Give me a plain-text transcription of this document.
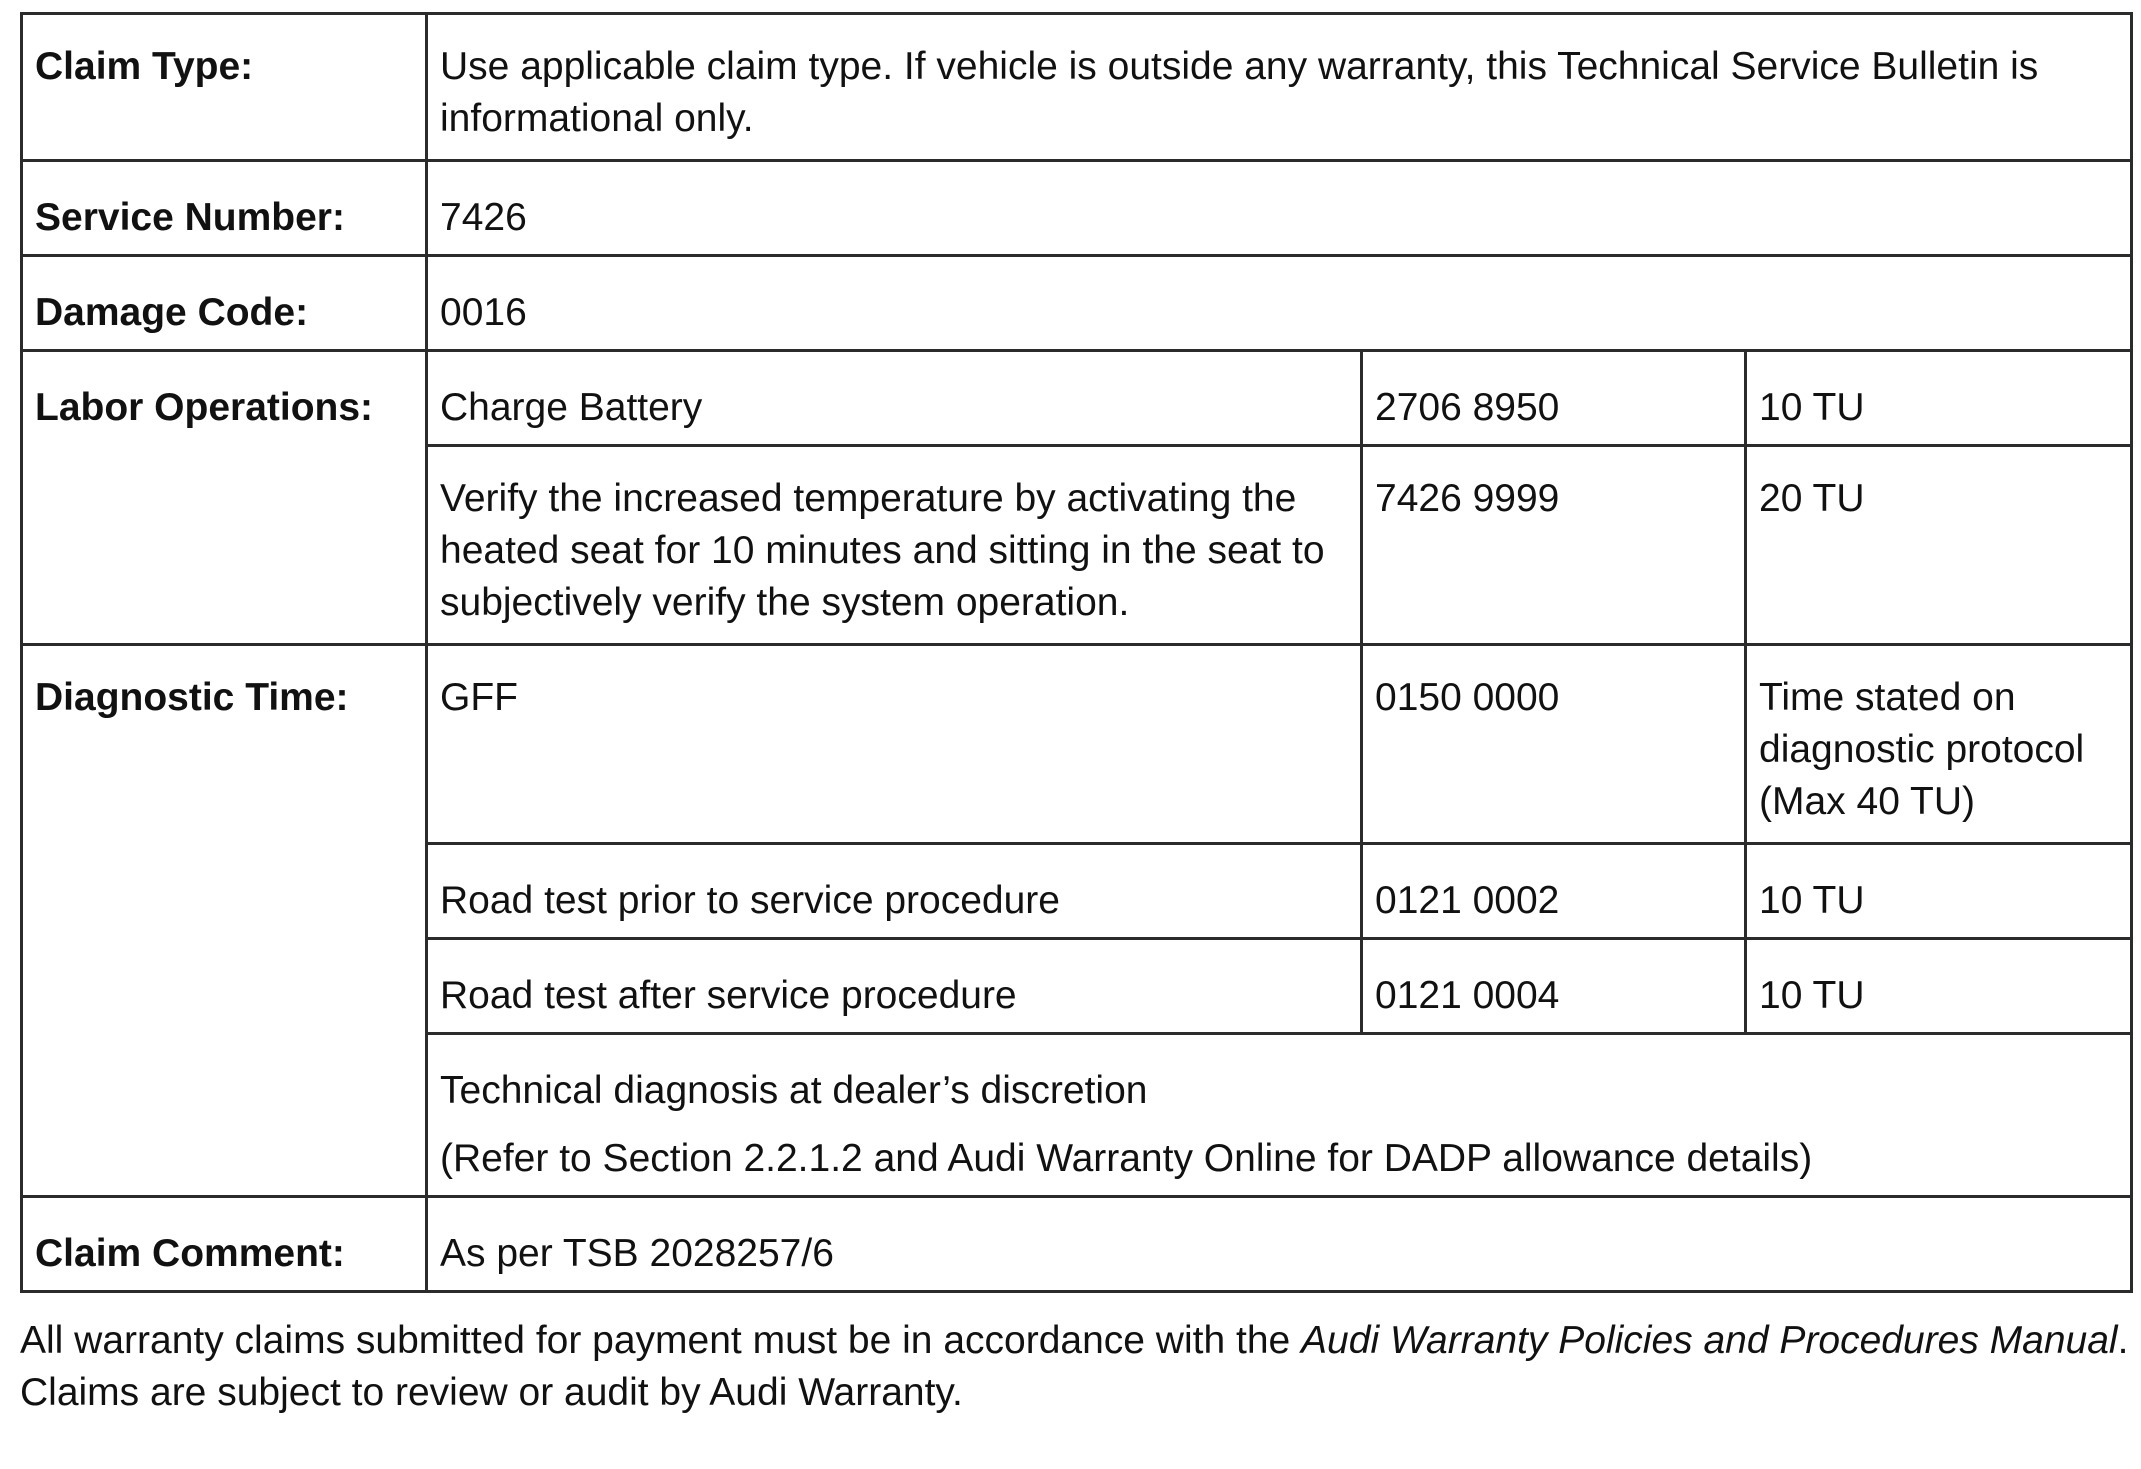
Claim Type:	Use applicable claim type. If vehicle is outside any warranty, this Technical Service Bulletin is informational only.		
Service Number:	7426		
Damage Code:	0016		
Labor Operations:	Charge Battery	2706 8950	10 TU
	Verify the increased temperature by activating the heated seat for 10 minutes and sitting in the seat to subjectively verify the system operation.	7426 9999	20 TU
Diagnostic Time:	GFF	0150 0000	Time stated on diagnostic protocol (Max 40 TU)
	Road test prior to service procedure	0121 0002	10 TU
	Road test after service procedure	0121 0004	10 TU

	Technical diagnosis at dealer’s discretion
(Refer to Section 2.2.1.2 and Audi Warranty Online for DADP allowance details)		

Claim Comment:	As per TSB 2028257/6		
All warranty claims submitted for payment must be in accordance with the Audi Warranty Policies and Procedures Manual. Claims are subject to review or audit by Audi Warranty.
